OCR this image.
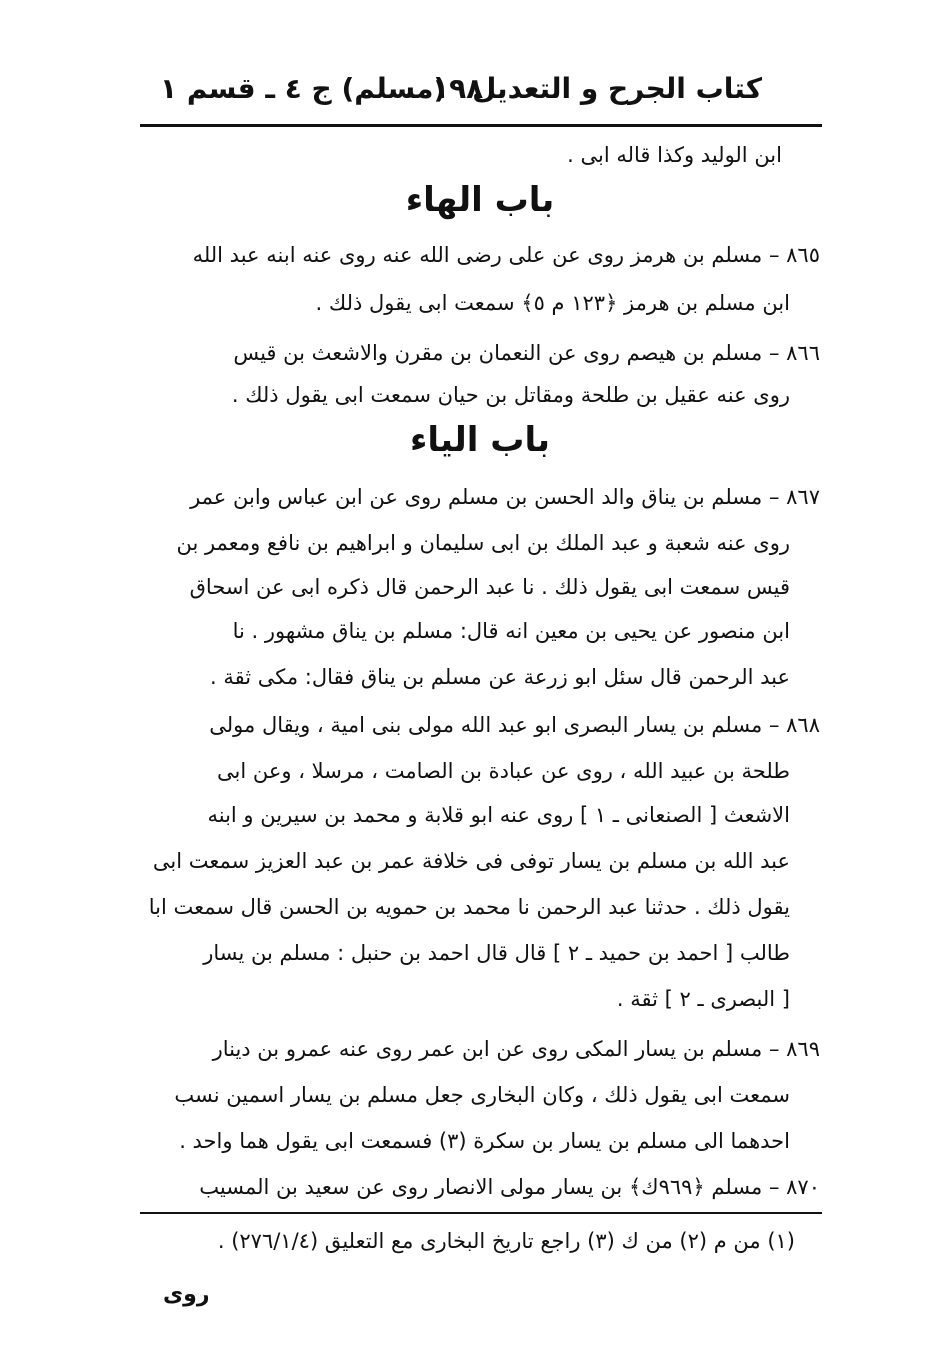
كتاب الجرح و التعديل
١٩٨
(مسلم) ج ٤ ـ قسم ١
ابن الوليد وكذا قاله ابى .
باب الهاء
٨٦٥ – مسلم بن هرمز روى عن على رضى الله عنه روى عنه ابنه عبد الله
ابن مسلم بن هرمز ﴿١٢٣ م ٥﴾ سمعت ابى يقول ذلك .
٨٦٦ – مسلم بن هيصم روى عن النعمان بن مقرن والاشعث بن قيس
روى عنه عقيل بن طلحة ومقاتل بن حيان سمعت ابى يقول ذلك .
باب الياء
٨٦٧ – مسلم بن يناق والد الحسن بن مسلم روى عن ابن عباس وابن عمر
روى عنه شعبة و عبد الملك بن ابى سليمان و ابراهيم بن نافع ومعمر بن
قيس سمعت ابى يقول ذلك . نا عبد الرحمن قال ذكره ابى عن اسحاق
ابن منصور عن يحيى بن معين انه قال: مسلم بن يناق مشهور . نا
عبد الرحمن قال سئل ابو زرعة عن مسلم بن يناق فقال: مكى ثقة .
٨٦٨ – مسلم بن يسار البصرى ابو عبد الله مولى بنى امية ، ويقال مولى
طلحة بن عبيد الله ، روى عن عبادة بن الصامت ، مرسلا ، وعن ابى
الاشعث [ الصنعانى ـ ١ ] روى عنه ابو قلابة و محمد بن سيرين و ابنه
عبد الله بن مسلم بن يسار توفى فى خلافة عمر بن عبد العزيز سمعت ابى
يقول ذلك . حدثنا عبد الرحمن نا محمد بن حمويه بن الحسن قال سمعت ابا
طالب [ احمد بن حميد ـ ٢ ] قال قال احمد بن حنبل : مسلم بن يسار
[ البصرى ـ ٢ ] ثقة .
٨٦٩ – مسلم بن يسار المكى روى عن ابن عمر روى عنه عمرو بن دينار
سمعت ابى يقول ذلك ، وكان البخارى جعل مسلم بن يسار اسمين نسب
احدهما الى مسلم بن يسار بن سكرة (٣) فسمعت ابى يقول هما واحد .
٨٧٠ – مسلم ﴿٩٦٩ك﴾ بن يسار مولى الانصار روى عن سعيد بن المسيب
(١) من م (٢) من ك (٣) راجع تاريخ البخارى مع التعليق (٢٧٦/١/٤) .
روى
